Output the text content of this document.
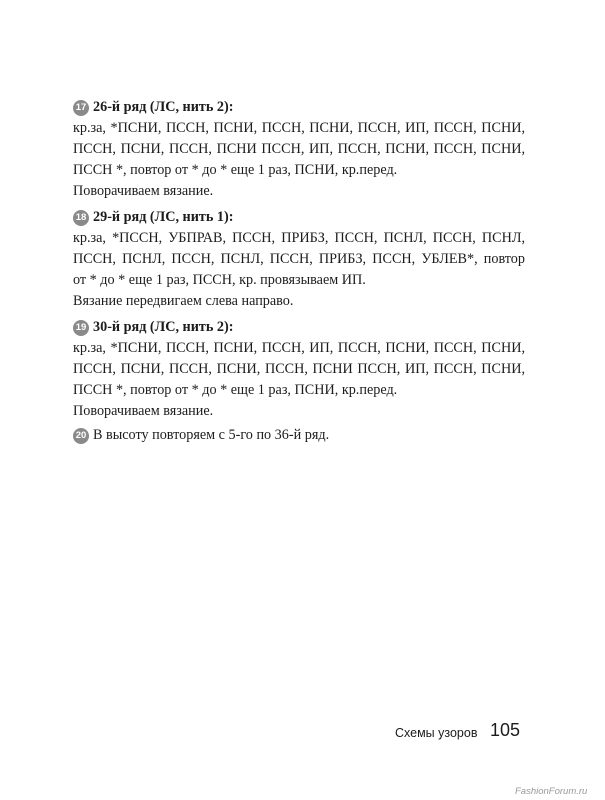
17 26-й ряд (ЛС, нить 2):
кр.за, *ПСНИ, ПССН, ПСНИ, ПССН, ПСНИ, ПССН, ИП, ПССН, ПСНИ,
ПССН, ПСНИ, ПССН, ПСНИ ПССН, ИП, ПССН, ПСНИ, ПССН, ПСНИ,
ПССН *, повтор от * до * еще 1 раз, ПСНИ, кр.перед.
Поворачиваем вязание.
18 29-й ряд (ЛС, нить 1):
кр.за, *ПССН, УБПРАВ, ПССН, ПРИБЗ, ПССН, ПСНЛ, ПССН, ПСНЛ,
ПССН, ПСНЛ, ПССН, ПСНЛ, ПССН, ПРИБЗ, ПССН, УБЛЕВ*, повтор
от * до * еще 1 раз, ПССН, кр. провязываем ИП.
Вязание передвигаем слева направо.
19 30-й ряд (ЛС, нить 2):
кр.за, *ПСНИ, ПССН, ПСНИ, ПССН, ИП, ПССН, ПСНИ, ПССН, ПСНИ,
ПССН, ПСНИ, ПССН, ПСНИ, ПССН, ПСНИ ПССН, ИП, ПССН, ПСНИ,
ПССН *, повтор от * до * еще 1 раз, ПСНИ, кр.перед.
Поворачиваем вязание.
20 В высоту повторяем с 5-го по 36-й ряд.
Схемы узоров 105
FashionForum.ru
